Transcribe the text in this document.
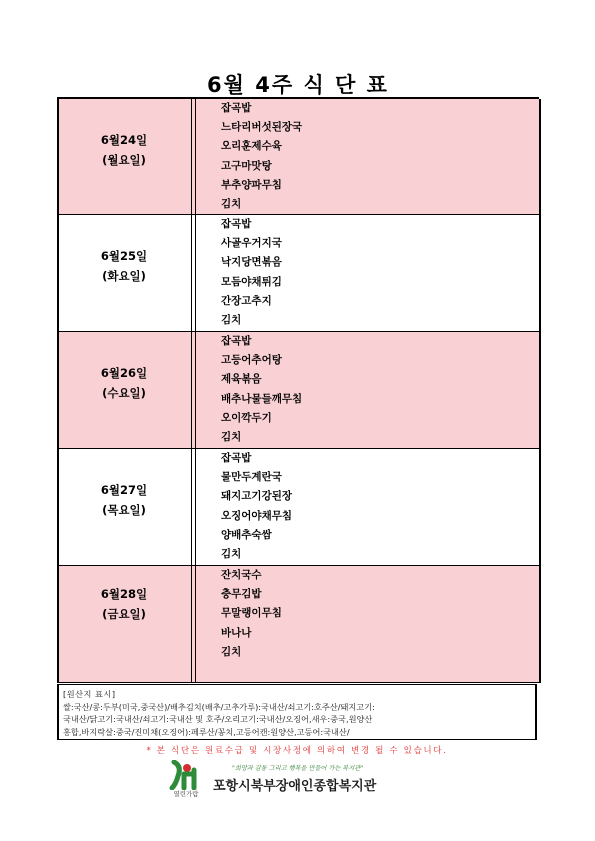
6월 4주 식 단 표
6월24일
(월요일)
잡곡밥
느타리버섯된장국
오리훈제수육
고구마맛탕
부추양파무침
김치
6월25일
(화요일)
잡곡밥
사골우거지국
낙지당면볶음
모듬야채튀김
간장고추지
김치
6월26일
(수요일)
잡곡밥
고등어추어탕
제육볶음
배추나물들깨무침
오이깍두기
김치
6월27일
(목요일)
잡곡밥
물만두계란국
돼지고기강된장
오징어야채무침
양배추숙쌈
김치
6월28일
(금요일)
잔치국수
충무김밥
무말랭이무침
바나나
김치
[원산지 표시]
쌀:국산/콩:두부(미국,중국산)/배추김치(배추/고추가루):국내산/쇠고기:호주산/돼지고기:
국내산/닭고기:국내산/쇠고기:국내산 및 호주/오리고기:국내산/오징어,새우:중국,원양산
홍합,바지락살:중국/진미채(오징어):페루산/꽁치,고등어캔:원양산,고등어:국내산/
* 본 식단은 원료수급 및 시장사정에 의하여 변경 될 수 있습니다.
열린가람
"희망과 감동 그리고 행복을 만들어 가는 복지관"
포항시북부장애인종합복지관
